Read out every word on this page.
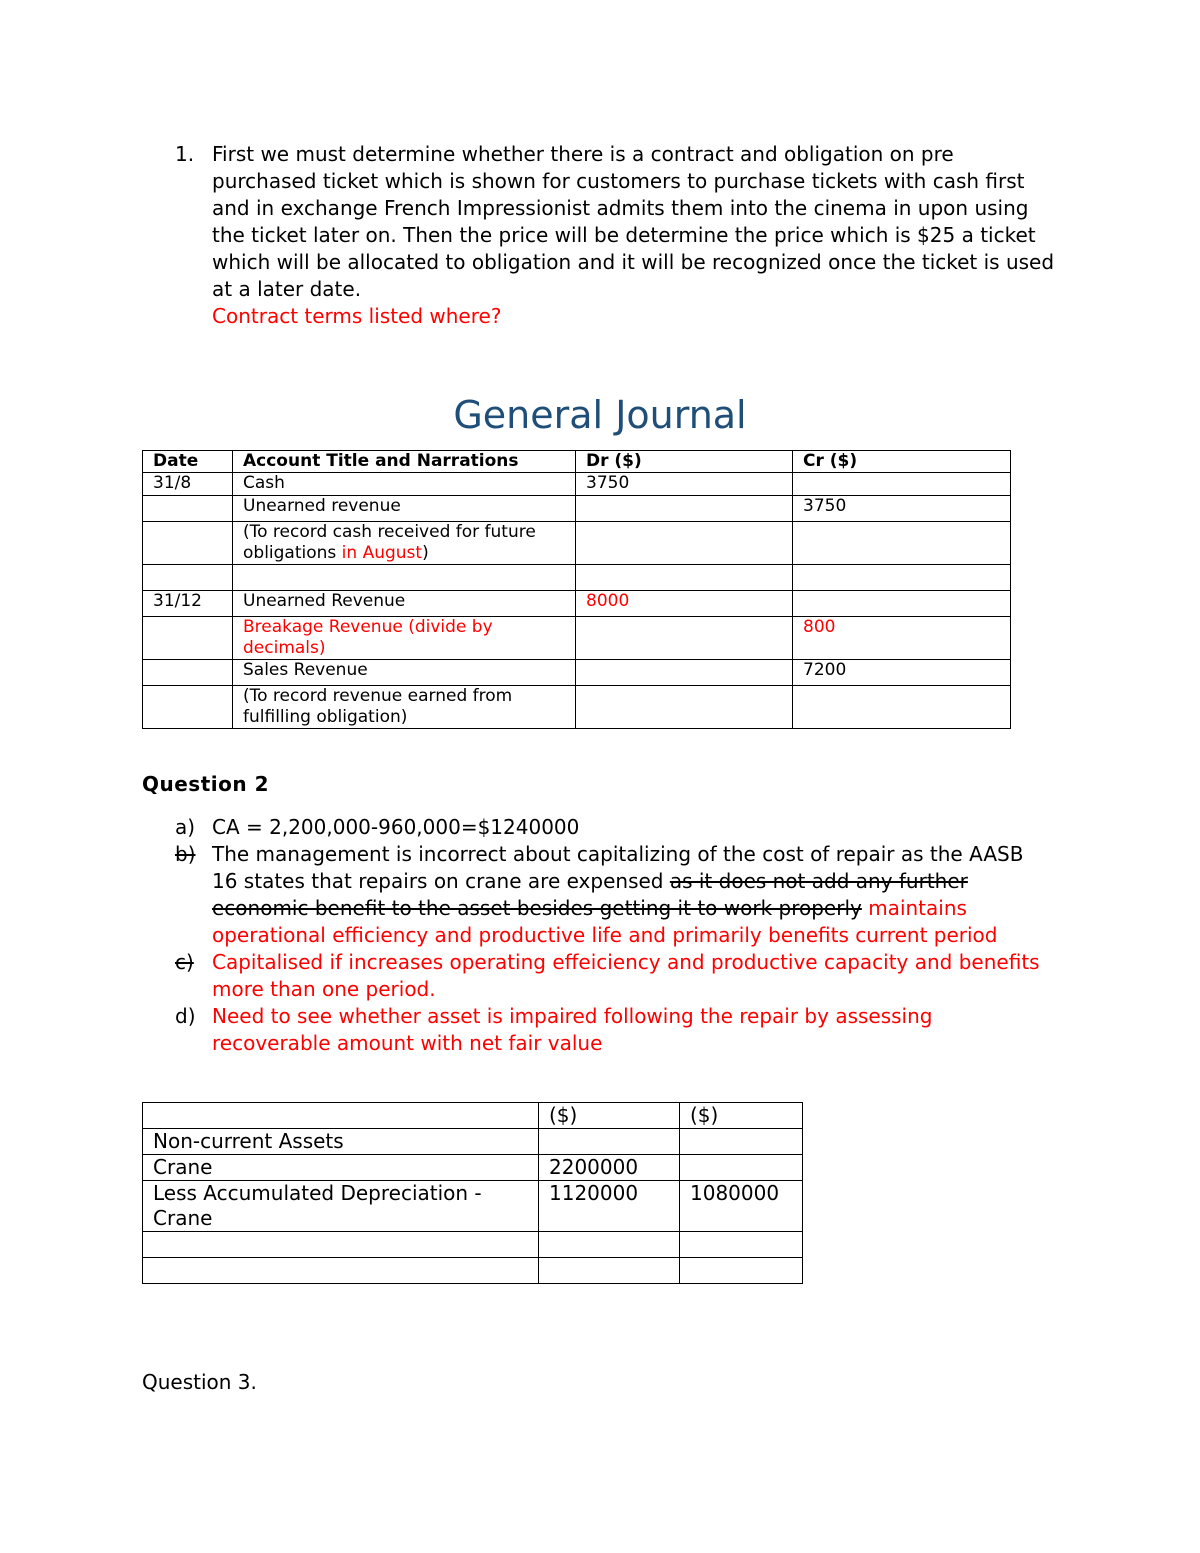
1. First we must determine whether there is a contract and obligation on pre purchased ticket which is shown for customers to purchase tickets with cash first and in exchange French Impressionist admits them into the cinema in upon using the ticket later on. Then the price will be determine the price which is $25 a ticket which will be allocated to obligation and it will be recognized once the ticket is used at a later date.
Contract terms listed where?
General Journal
Date	Account Title and Narrations	Dr ($)	Cr ($)
31/8	Cash	3750	
	Unearned revenue		3750
	(To record cash received for future obligations in August)		

31/12	Unearned Revenue	8000	
	Breakage Revenue (divide by decimals)		800
	Sales Revenue		7200
	(To record revenue earned from fulfilling obligation)		
Question 2
a) CA = 2,200,000-960,000=$1240000
b) The management is incorrect about capitalizing of the cost of repair as the AASB 16 states that repairs on crane are expensed as it does not add any further economic benefit to the asset besides getting it to work properly maintains operational efficiency and productive life and primarily benefits current period
c) Capitalised if increases operating effeiciency and productive capacity and benefits more than one period.
d) Need to see whether asset is impaired following the repair by assessing recoverable amount with net fair value
	($)	($)
Non-current Assets		
Crane	2200000	
Less Accumulated Depreciation - Crane	1120000	1080000

Question 3.
